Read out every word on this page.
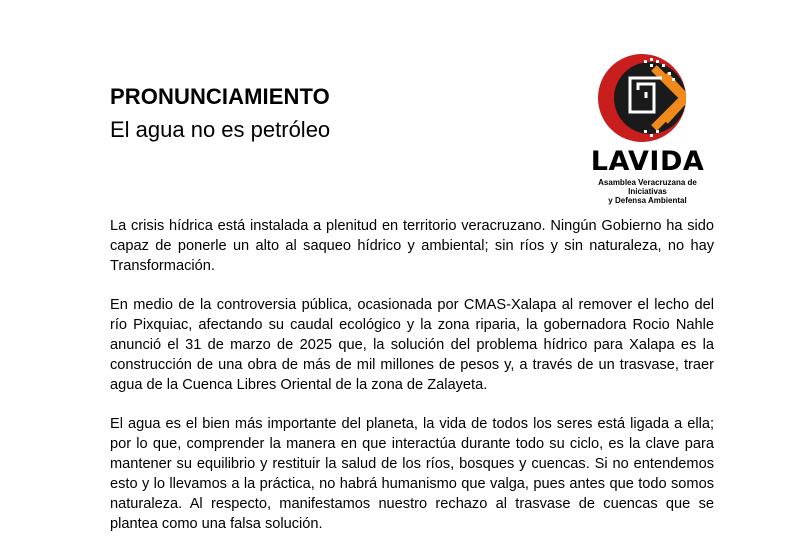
PRONUNCIAMIENTO
El agua no es petróleo
LAVIDA
Asamblea Veracruzana de Iniciativas
y Defensa Ambiental

La crisis hídrica está instalada a plenitud en territorio veracruzano. Ningún Gobierno ha sido capaz de ponerle un alto al saqueo hídrico y ambiental; sin ríos y sin naturaleza, no hay Transformación.

En medio de la controversia pública, ocasionada por CMAS-Xalapa al remover el lecho del río Pixquiac, afectando su caudal ecológico y la zona riparia, la gobernadora Rocio Nahle anunció el 31 de marzo de 2025 que, la solución del problema hídrico para Xalapa es la construcción de una obra de más de mil millones de pesos y, a través de un trasvase, traer agua de la Cuenca Libres Oriental de la zona de Zalayeta.

El agua es el bien más importante del planeta, la vida de todos los seres está ligada a ella; por lo que, comprender la manera en que interactúa durante todo su ciclo, es la clave para mantener su equilibrio y restituir la salud de los ríos, bosques y cuencas. Si no entendemos esto y lo llevamos a la práctica, no habrá humanismo que valga, pues antes que todo somos naturaleza. Al respecto, manifestamos nuestro rechazo al trasvase de cuencas que se plantea como una falsa solución.
